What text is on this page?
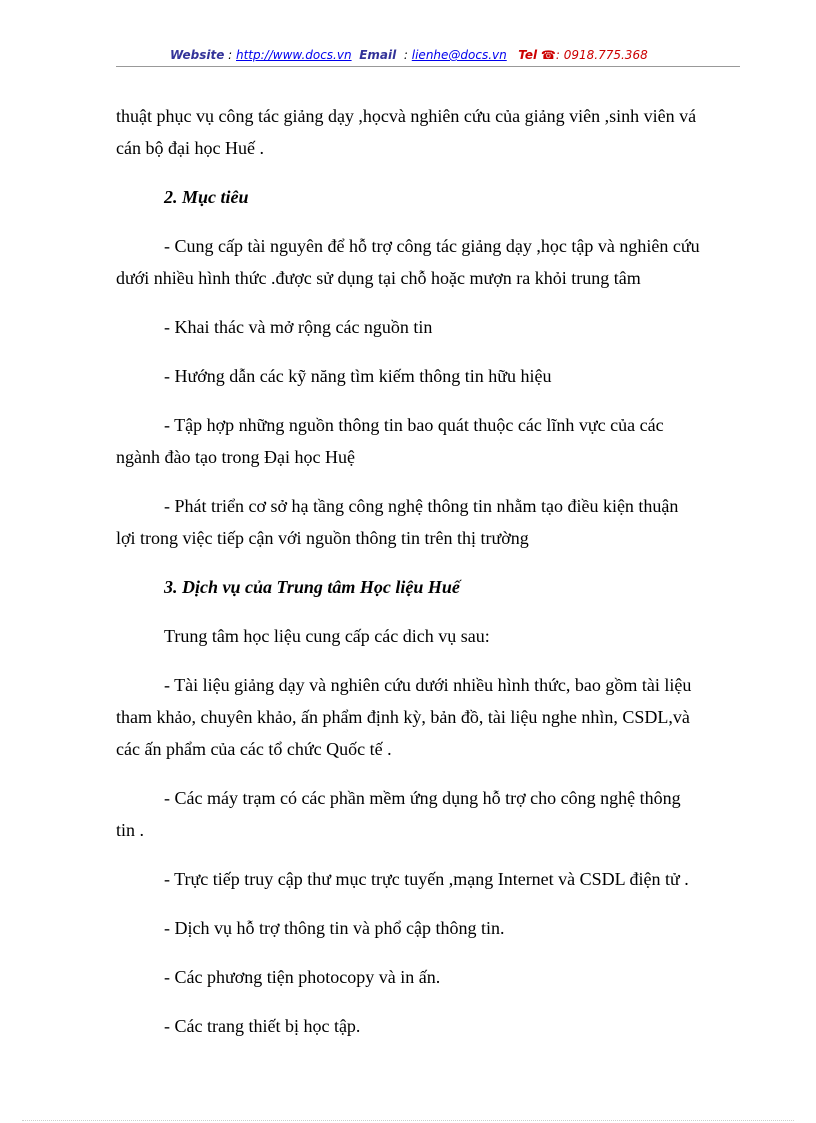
Website : http://www.docs.vn Email  : lienhe@docs.vn Tel ☎: 0918.775.368

thuật phục vụ công tác giảng dạy ,họcvà nghiên cứu của giảng viên ,sinh viên vá
cán bộ đại học Huế .

2. Mục tiêu

- Cung cấp tài nguyên để hỗ trợ công tác giảng dạy ,học tập và nghiên cứu
dưới nhiều hình thức .được sử dụng tại chỗ hoặc mượn ra khỏi trung tâm

- Khai thác và mở rộng các nguồn tin

- Hướng dẫn các kỹ năng tìm kiếm thông tin hữu hiệu

- Tập hợp những nguồn thông tin bao quát thuộc các lĩnh vực của các
ngành đào tạo trong Đại học Huệ

- Phát triển cơ sở hạ tầng công nghệ thông tin nhằm tạo điều kiện thuận
lợi trong việc tiếp cận với nguồn thông tin trên thị trường

3. Dịch vụ của Trung tâm Học liệu Huế

Trung tâm học liệu cung cấp các dich vụ sau:

- Tài liệu giảng dạy và nghiên cứu dưới nhiều hình thức, bao gồm tài liệu
tham khảo, chuyên khảo, ấn phẩm định kỳ, bản đồ, tài liệu nghe nhìn, CSDL,và
các ấn phẩm của các tổ chức Quốc tế .

- Các máy trạm có các phần mềm ứng dụng hỗ trợ cho công nghệ thông
tin .

- Trực tiếp truy cập thư mục trực tuyến ,mạng Internet và CSDL điện tử .

- Dịch vụ hỗ trợ thông tin và phổ cập thông tin.

- Các phương tiện photocopy và in ấn.

- Các trang thiết bị học tập.
